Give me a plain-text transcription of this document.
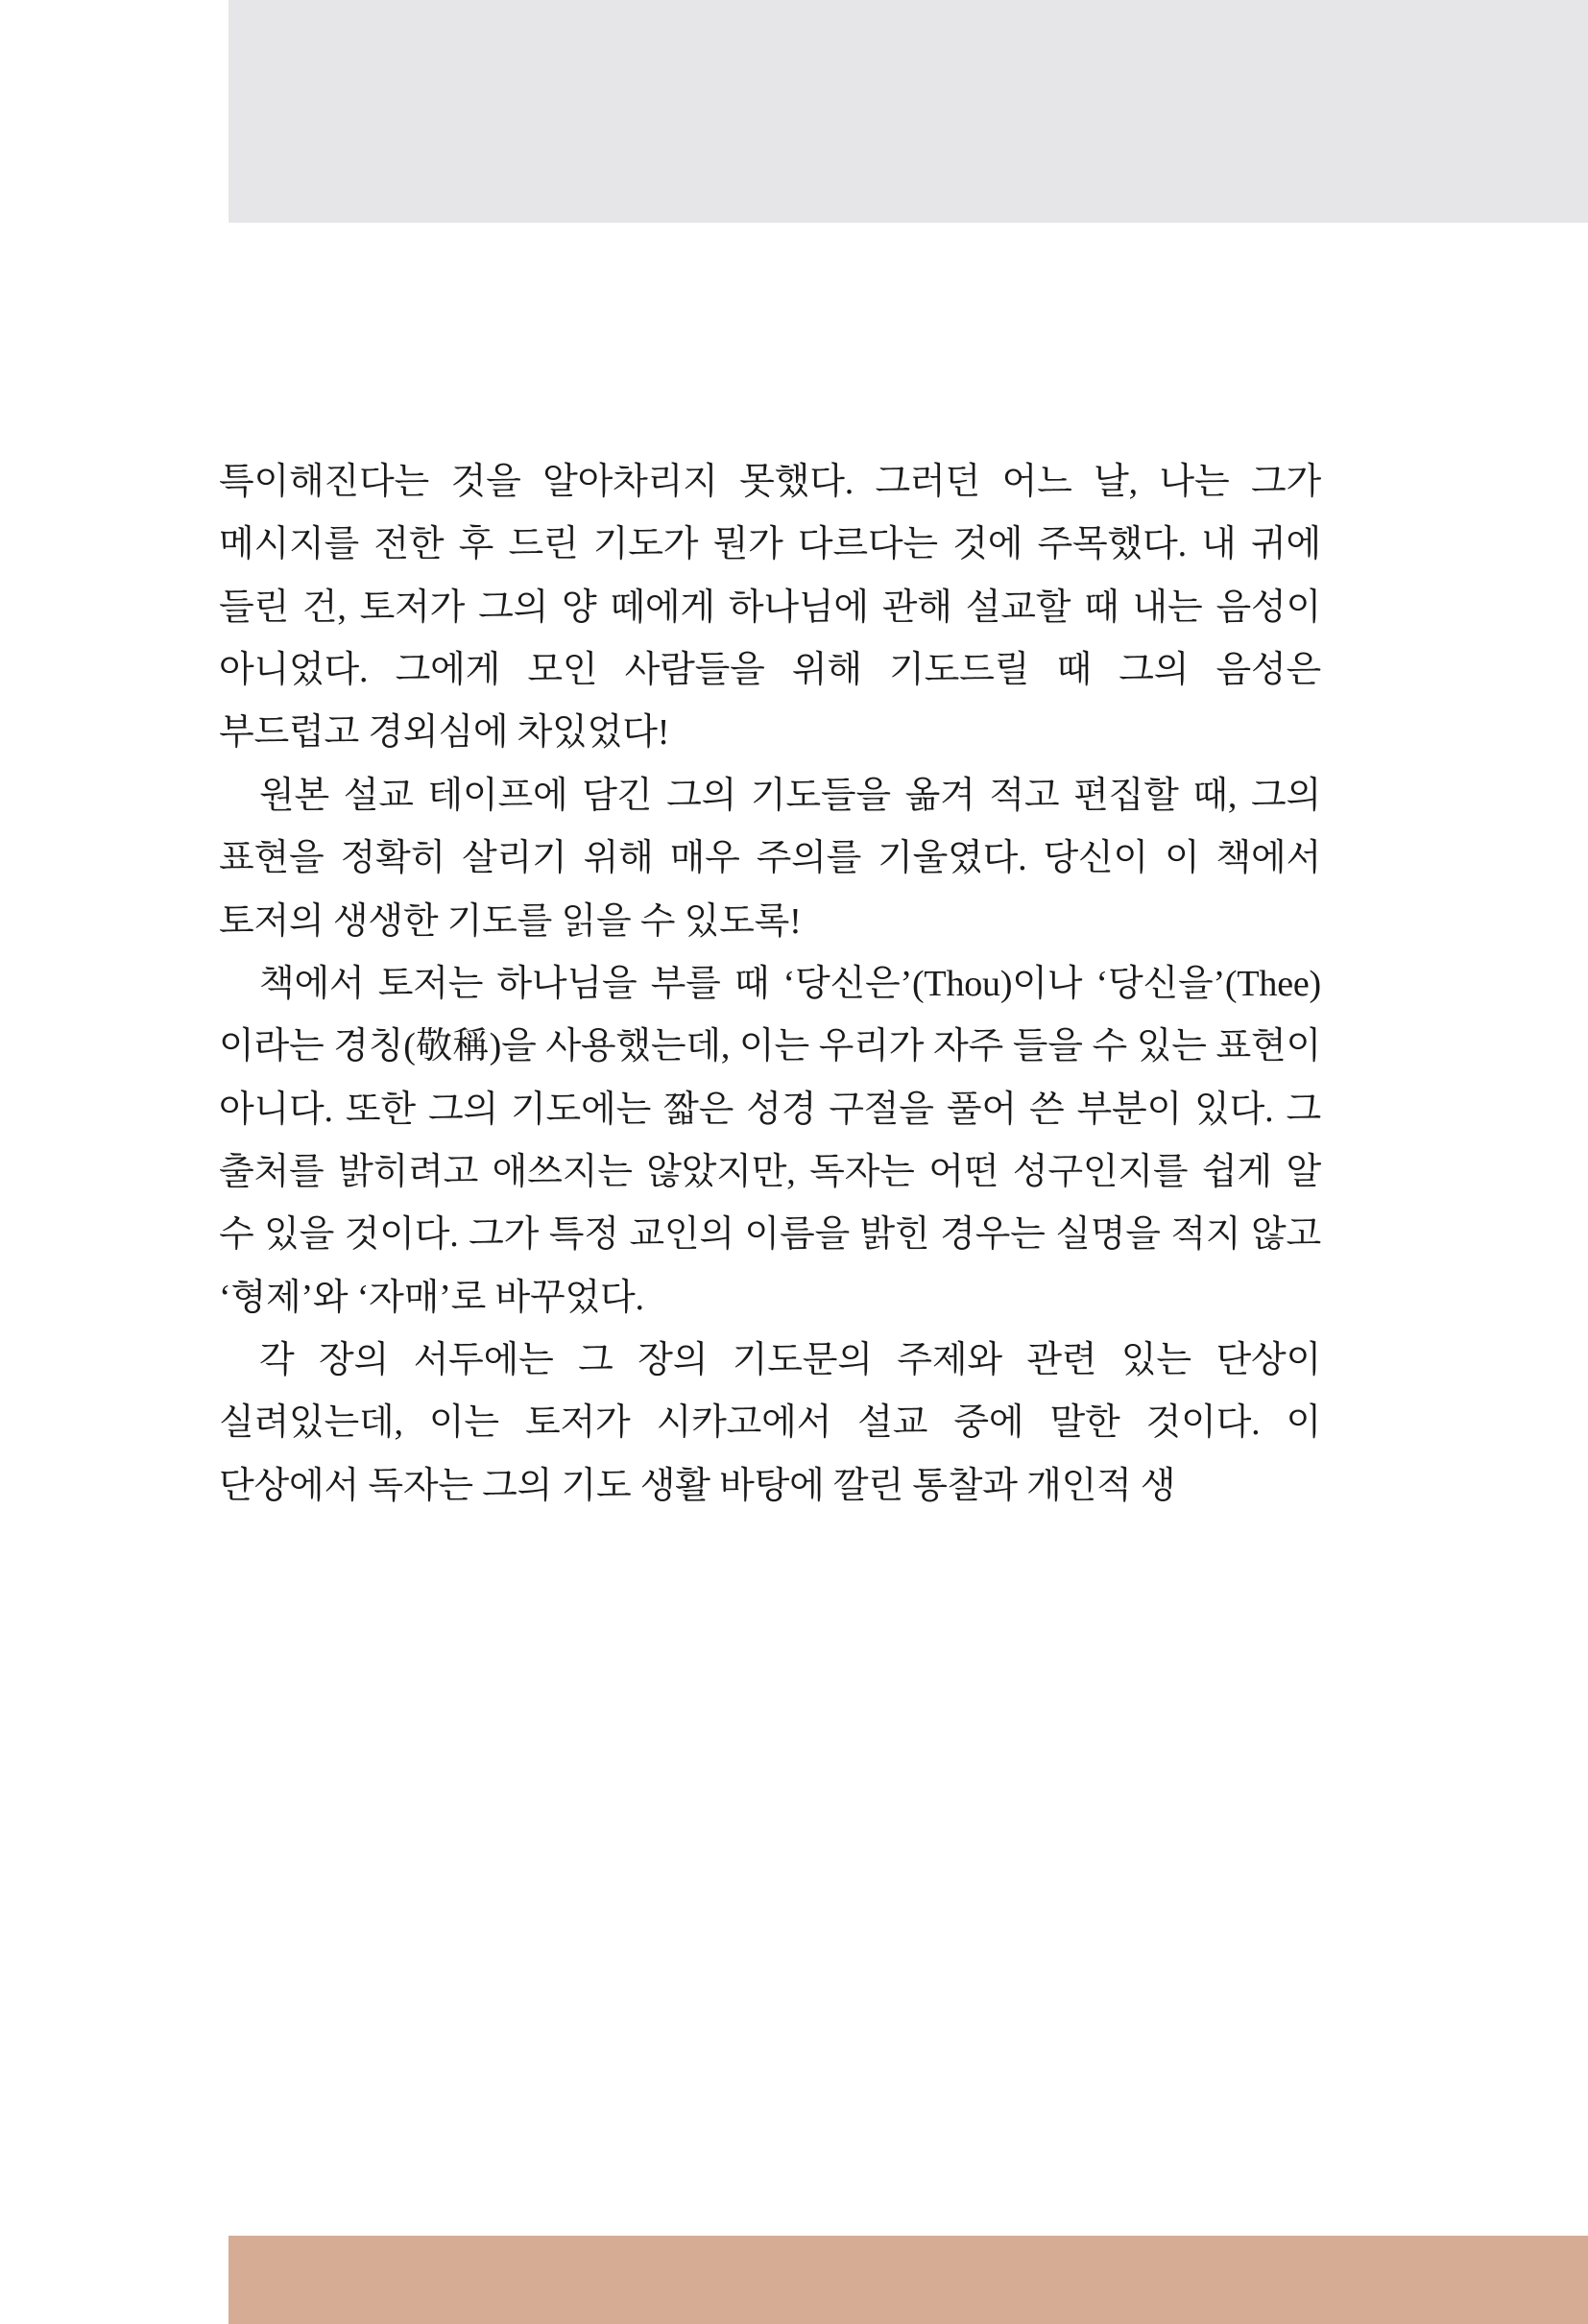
특이해진다는 것을 알아차리지 못했다. 그러던 어느 날, 나는 그가 메시지를 전한 후 드린 기도가 뭔가 다르다는 것에 주목했다. 내 귀에 들린 건, 토저가 그의 양 떼에게 하나님에 관해 설교할 때 내는 음성이 아니었다. 그에게 모인 사람들을 위해 기도드릴 때 그의 음성은 부드럽고 경외심에 차있었다!

원본 설교 테이프에 담긴 그의 기도들을 옮겨 적고 편집할 때, 그의 표현을 정확히 살리기 위해 매우 주의를 기울였다. 당신이 이 책에서 토저의 생생한 기도를 읽을 수 있도록!

책에서 토저는 하나님을 부를 때 ‘당신은’(Thou)이나 ‘당신을’(Thee)이라는 경칭(敬稱)을 사용했는데, 이는 우리가 자주 들을 수 있는 표현이 아니다. 또한 그의 기도에는 짧은 성경 구절을 풀어 쓴 부분이 있다. 그 출처를 밝히려고 애쓰지는 않았지만, 독자는 어떤 성구인지를 쉽게 알 수 있을 것이다. 그가 특정 교인의 이름을 밝힌 경우는 실명을 적지 않고 ‘형제’와 ‘자매’로 바꾸었다.

각 장의 서두에는 그 장의 기도문의 주제와 관련 있는 단상이 실려있는데, 이는 토저가 시카고에서 설교 중에 말한 것이다. 이 단상에서 독자는 그의 기도 생활 바탕에 깔린 통찰과 개인적 생
